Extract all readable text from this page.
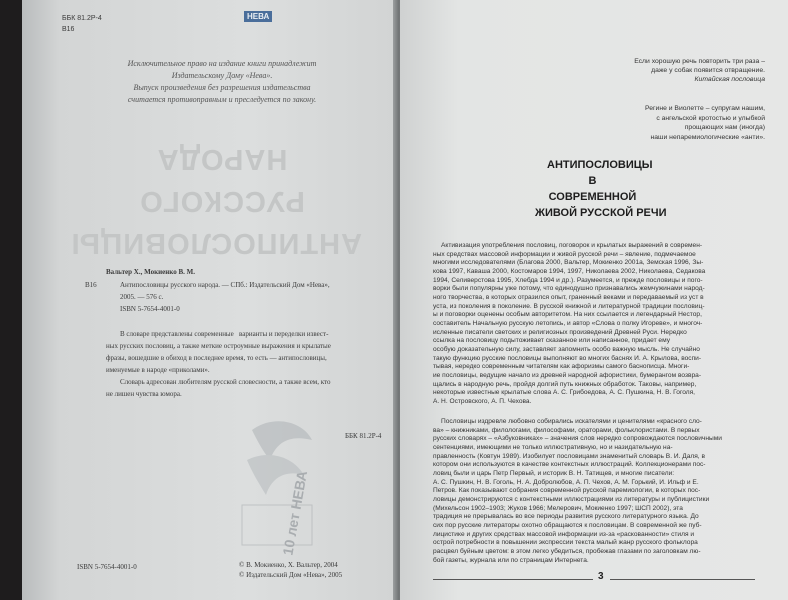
ББК 81.2Р-4
В16
НЕВА
Исключительное право на издание книги принадлежит
Издательскому Дому «Нева».
Выпуск произведения без разрешения издательства
считается противоправным и преследуется по закону.
АНТИПОСЛОВИЦЫ
РУССКОГО
НАРОДА
Вальтер Х., Мокиенко В. М.
В16	Антипословицы русского народа. — СПб.: Издательский Дом «Нева»,
2005. — 576 с.
ISBN 5-7654-4001-0
В словаре представлены современные   варианты и переделки извест-
ных русских пословиц, а также меткие остроумные выражения и крылатые
фразы, вошедшие в обиход в последнее время, то есть — антипословицы,
именуемые в народе «приколами».
Словарь адресован любителям русской словесности, а также всем, кто
не лишен чувства юмора.
ББК 81.2Р-4
10 лет НЕВА
ISBN 5-7654-4001-0	© В. Мокиенко, Х. Вальтер, 2004
© Издательский Дом «Нева», 2005
Если хорошую речь повторить три раза –
даже у собак появится отвращение.
Китайская пословица
Регине и Виолетте – супругам нашим,
с ангельской кротостью и улыбкой
прощающих нам (иногда)
наши непаремиологические «анти».
АНТИПОСЛОВИЦЫ
В СОВРЕМЕННОЙ
ЖИВОЙ РУССКОЙ РЕЧИ
Активизация употребления пословиц, поговорок и крылатых выражений в современ-
ных средствах массовой информации и живой русской речи – явление, подмечаемое
многими исследователями (Благова 2000, Вальтер, Мокиенко 2001а, Земская 1996, Зы-
кова 1997, Каваша 2000, Костомаров 1994, 1997, Николаева 2002, Николаева, Седакова
1994, Селиверстова 1995, Хлебда 1994 и др.). Разумеется, и прежде пословицы и пого-
ворки были популярны уже потому, что единодушно признавались жемчужинами народ-
ного творчества, в которых отразился опыт, граненный веками и передаваемый из уст в
уста, из поколения в поколение. В русской книжной и литературной традиции пословиц-
ы и поговорки оценены особым авторитетом. На них ссылается и легендарный Нестор,
составитель Начальную русскую летопись, и автор «Слова о полку Игореве», и многоч-
исленные писатели светских и религиозных произведений Древней Руси. Нередко
ссылка на пословицу подытоживает сказанное или написанное, придает ему
особую доказательную силу, заставляет запомнить особо важную мысль. Не случайно
такую функцию русские пословицы выполняют во многих баснях И. А. Крылова, воспи-
тывая, нередко современным читателям как афоризмы самого баснописца. Многи-
ие пословицы, ведущие начало из древней народной афористики, бумерангом возвра-
щались в народную речь, пройдя долгий путь книжных обработок. Таковы, например,
некоторые известные крылатые слова А. С. Грибоедова, А. С. Пушкина, Н. В. Гоголя,
А. Н. Островского, А. П. Чехова.
Пословицы издревле любовно собирались искателями и ценителями «красного сло-
ва» – книжниками, филологами, философами, ораторами, фольклористами. В первых
русских словарях – «Азбуковниках» – значения слов нередко сопровождаются пословичными
сентенциями, имеющими не только иллюстративную, но и назидательную на-
правленность (Ковтун 1989). Изобилует пословицами знаменитый словарь В. И. Даля, в
котором они используются в качестве контекстных иллюстраций. Коллекционерами пос-
ловиц были и царь Петр Первый, и историк В. Н. Татищев, и многие писатели:
А. С. Пушкин, Н. В. Гоголь, Н. А. Добролюбов, А. П. Чехов, А. М. Горький, И. Ильф и Е.
Петров. Как показывают собрания современной русской паремиологии, в которых пос-
ловицы демонстрируются с контекстными иллюстрациями из литературы и публицистики
(Михельсон 1902–1903; Жуков 1966; Мелерович, Мокиенко 1997; ШСП 2002), эта
традиция не прерывалась во все периоды развития русского литературного языка. До
сих пор русские литераторы охотно обращаются к пословицам. В современной же пуб-
лицистике и других средствах массовой информации из-за «раскованности» стиля и
острой потребности в повышении экспрессии текста малый жанр русского фольклора
расцвел буйным цветом: в этом легко убедиться, пробежав глазами по заголовкам лю-
бой газеты, журнала или по страницам Интернета.
3
